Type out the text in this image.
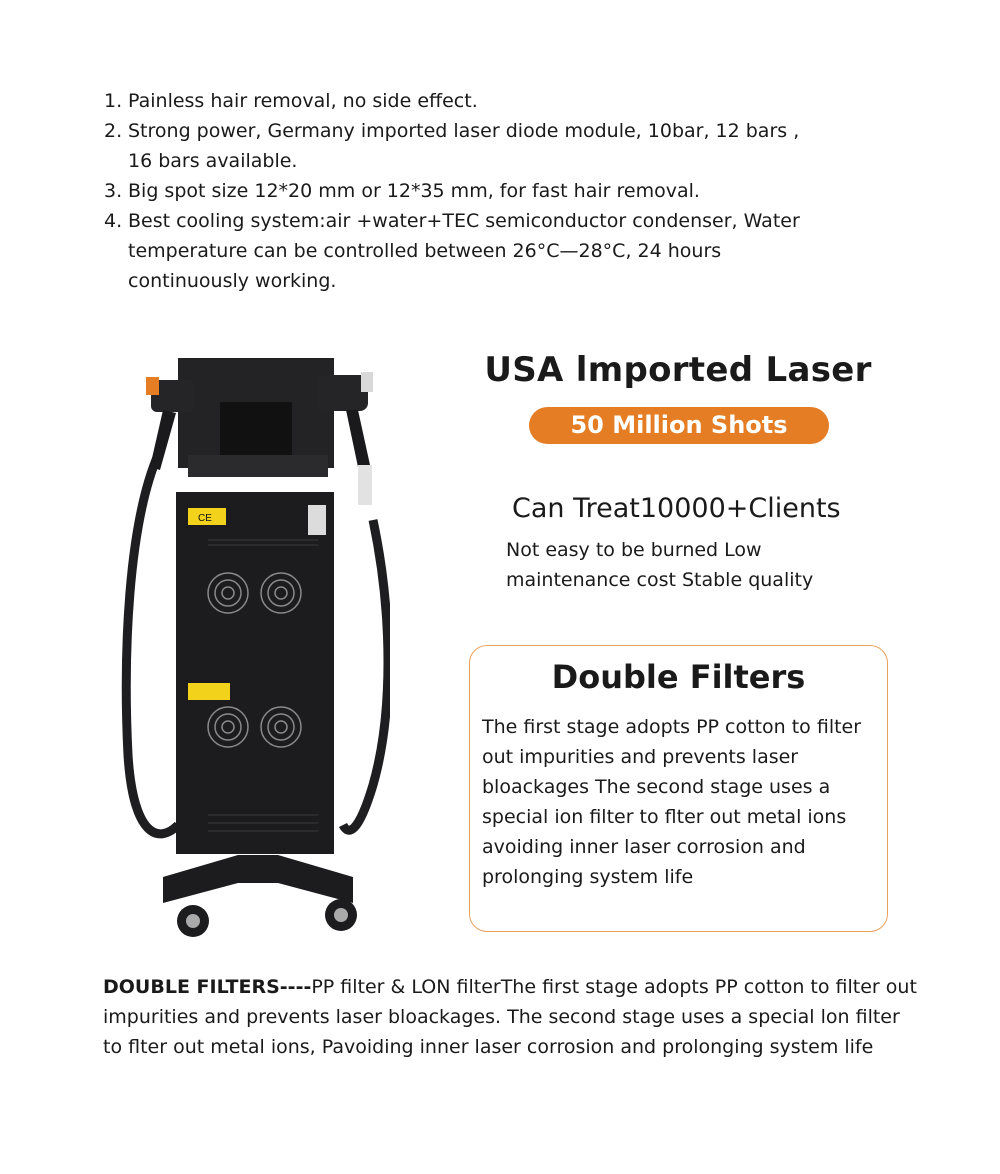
1. Painless hair removal, no side effect.

2. Strong power, Germany imported laser diode module, 10bar, 12 bars ,
16 bars available.

3. Big spot size 12*20 mm or 12*35 mm, for fast hair removal.

4. Best cooling system:air +water+TEC semiconductor condenser, Water temperature can be controlled between 26°C—28°C, 24 hours continuously working.

CE
USA lmported Laser
50 Million Shots
Can Treat10000+Clients
Not easy to be burned Low maintenance cost Stable quality
Double Filters
The first stage adopts PP cotton to filter out impurities and prevents laser bloackages The second stage uses a special ion filter to flter out metal ions avoiding inner laser corrosion and prolonging system life
DOUBLE FILTERS----PP filter & LON filterThe first stage adopts PP cotton to filter out impurities and prevents laser bloackages. The second stage uses a special lon filter to flter out metal ions, Pavoiding inner laser corrosion and prolonging system life
